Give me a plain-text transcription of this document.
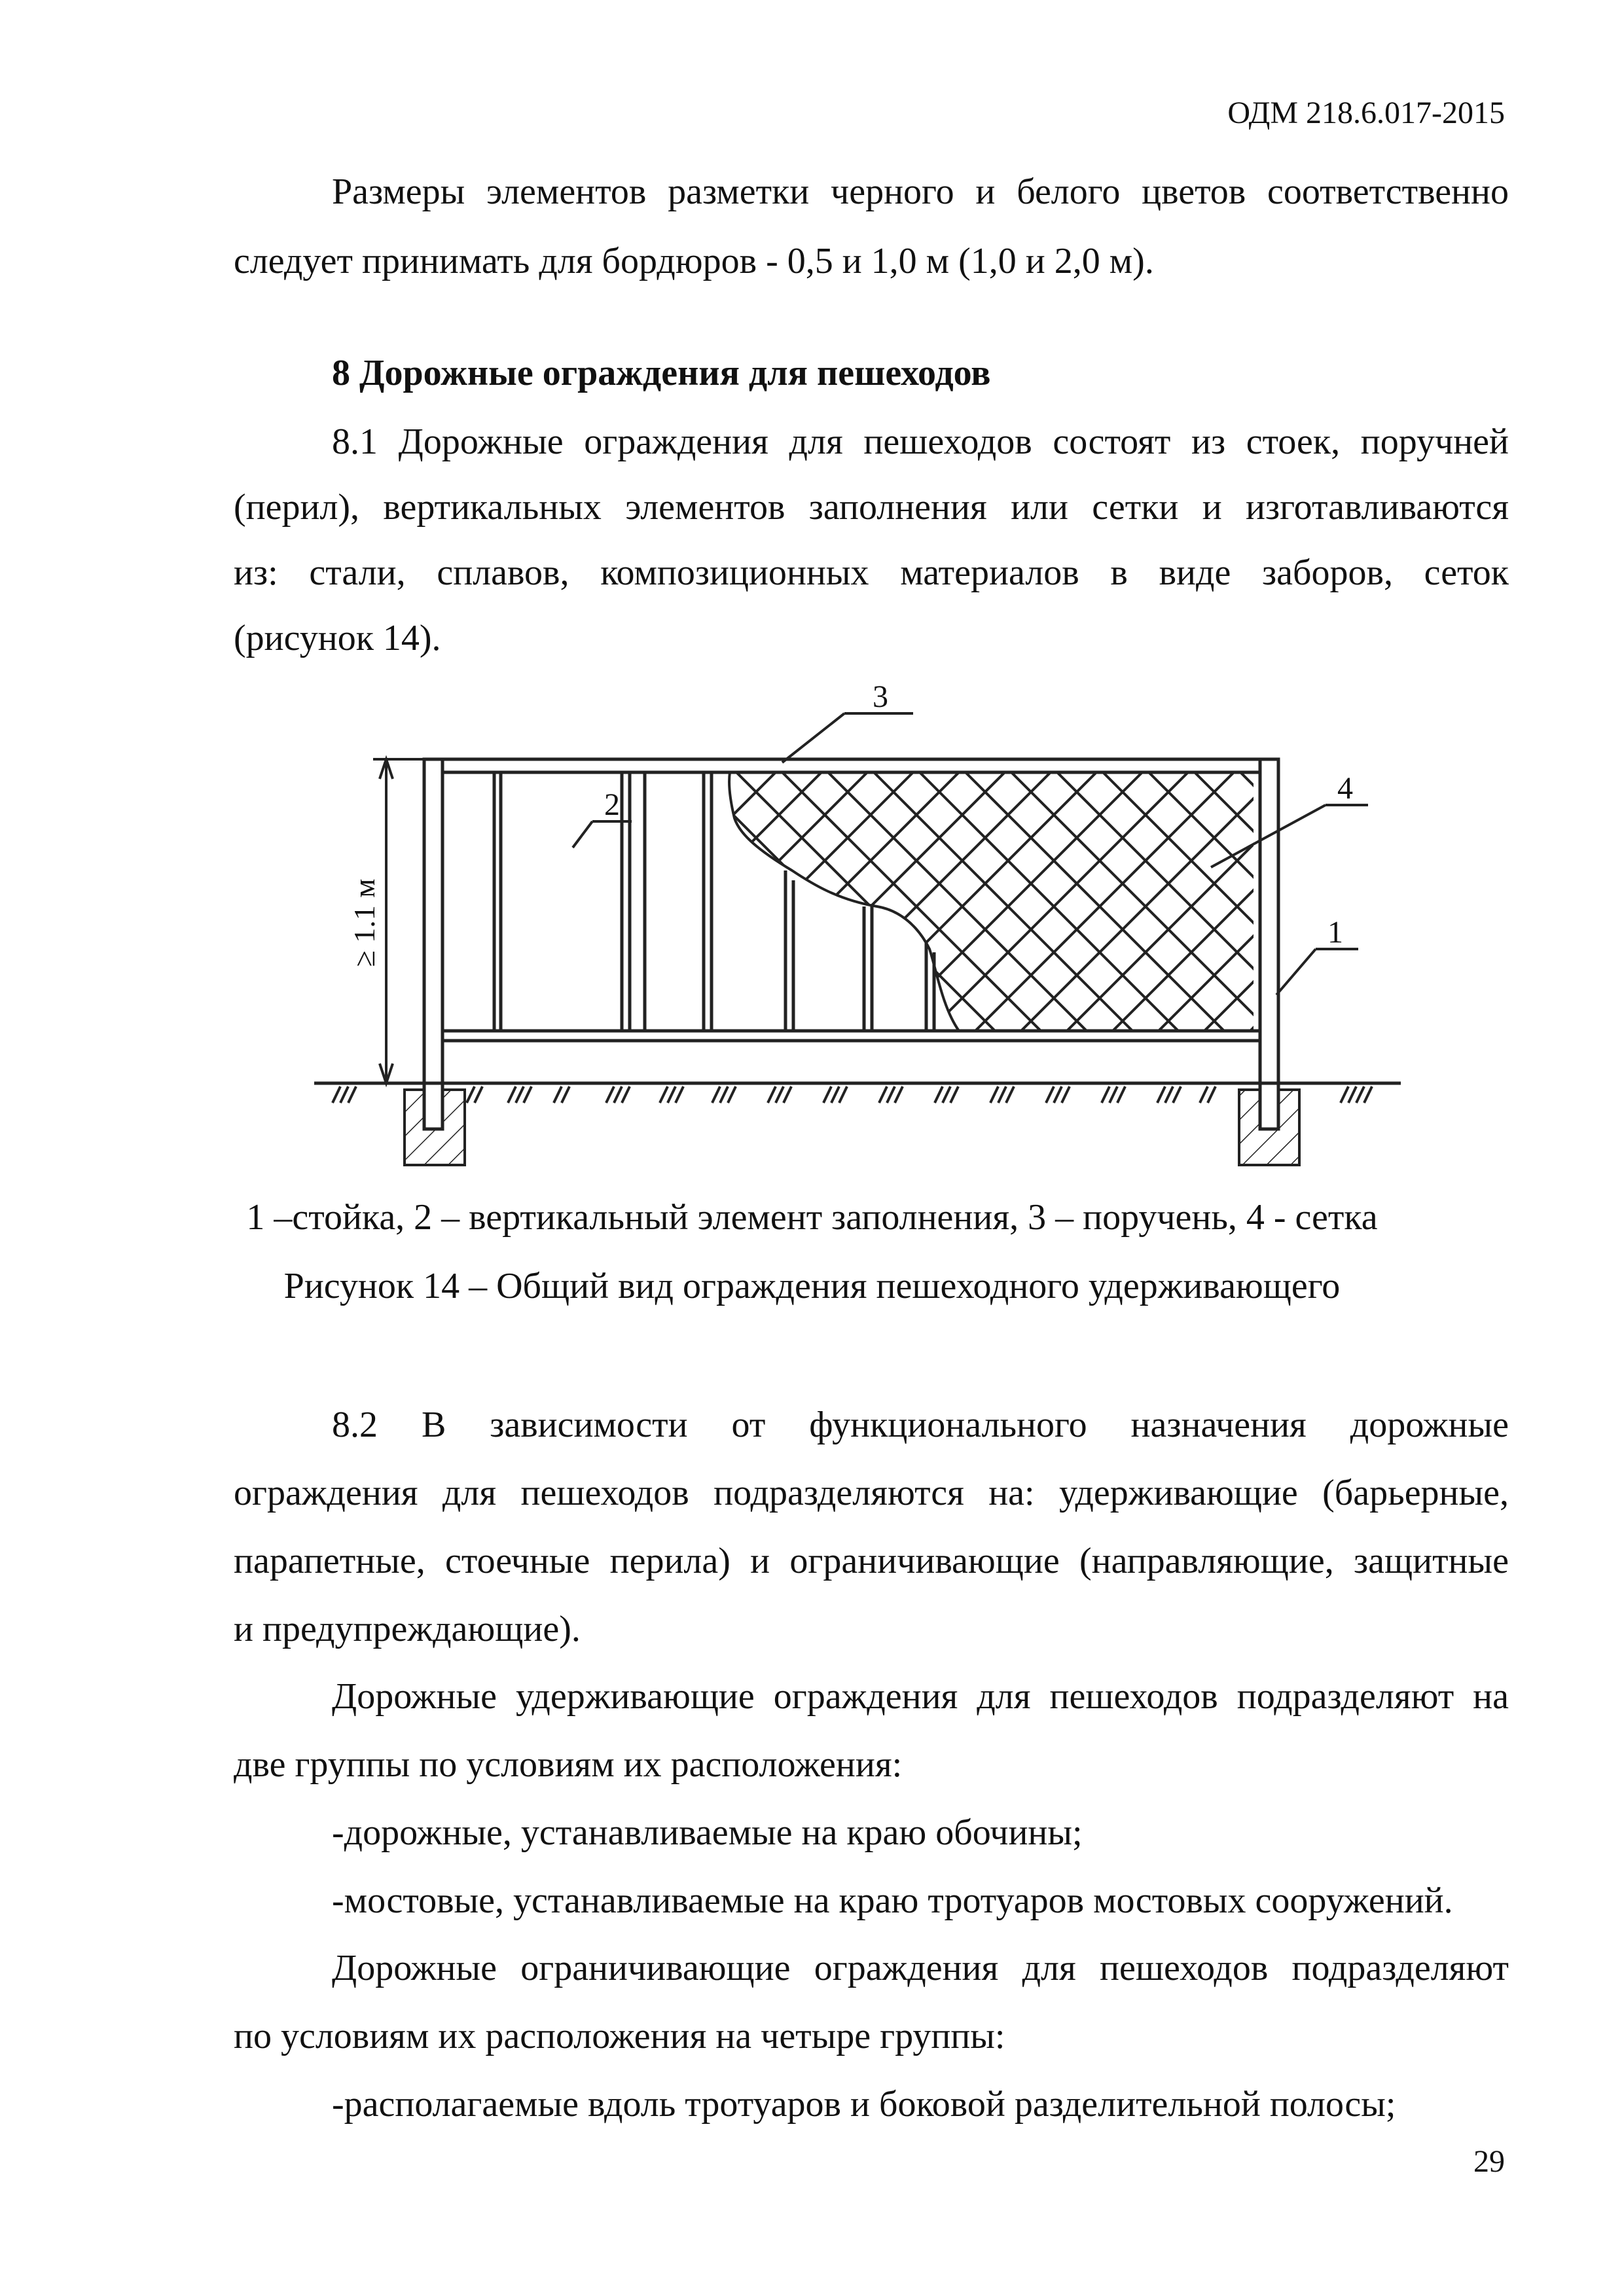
ОДМ 218.6.017-2015

Размеры элементов разметки черного и белого цветов соответственно

следует принимать для бордюров - 0,5 и 1,0 м (1,0 и 2,0 м).

8 Дорожные ограждения для пешеходов

8.1 Дорожные ограждения для пешеходов состоят из стоек, поручней

(перил), вертикальных элементов заполнения или сетки и изготавливаются

из: стали, сплавов, композиционных материалов в виде заборов, сеток

(рисунок 14).

≥ 1.1 м
3
2	4
1

1 –стойка, 2 – вертикальный элемент заполнения, 3 – поручень, 4 - сетка

Рисунок 14 – Общий вид ограждения пешеходного удерживающего

8.2 В зависимости от функционального назначения дорожные

ограждения для пешеходов подразделяются на: удерживающие (барьерные,

парапетные, стоечные перила) и ограничивающие (направляющие, защитные

и предупреждающие).

Дорожные удерживающие ограждения для пешеходов подразделяют на

две группы по условиям их расположения:

-дорожные, устанавливаемые на краю обочины;

-мостовые, устанавливаемые на краю тротуаров мостовых сооружений.

Дорожные ограничивающие ограждения для пешеходов подразделяют

по условиям их расположения на четыре группы:

-располагаемые вдоль тротуаров и боковой разделительной полосы;

29
